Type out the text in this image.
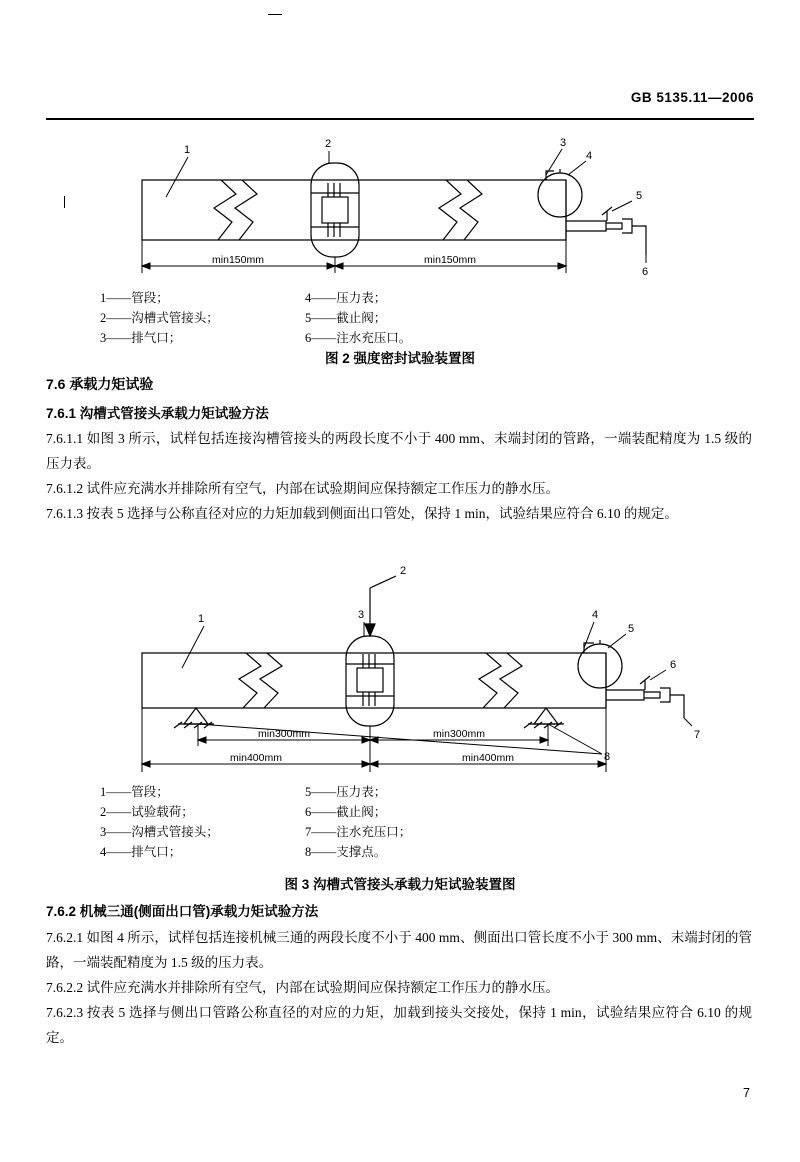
GB 5135.11—2006
1	2	3
4
5
6
min150mm	min150mm
1——管段；
2——沟槽式管接头；
3——排气口；
4——压力表；
5——截止阀；
6——注水充压口。
图 2 强度密封试验装置图
7.6 承载力矩试验
7.6.1 沟槽式管接头承载力矩试验方法
7.6.1.1 如图 3 所示，试样包括连接沟槽管接头的两段长度不小于 400 mm、末端封闭的管路，一端装配精度为 1.5 级的压力表。
7.6.1.2 试件应充满水并排除所有空气，内部在试验期间应保持额定工作压力的静水压。
7.6.1.3 按表 5 选择与公称直径对应的力矩加载到侧面出口管处，保持 1 min，试验结果应符合 6.10 的规定。
2
1	3	4
5
6
7
8
min300mm	min300mm
min400mm	min400mm
1——管段；
2——试验载荷；
3——沟槽式管接头；
4——排气口；
5——压力表；
6——截止阀；
7——注水充压口；
8——支撑点。
图 3 沟槽式管接头承载力矩试验装置图
7.6.2 机械三通(侧面出口管)承载力矩试验方法
7.6.2.1 如图 4 所示，试样包括连接机械三通的两段长度不小于 400 mm、侧面出口管长度不小于 300 mm、末端封闭的管路，一端装配精度为 1.5 级的压力表。
7.6.2.2 试件应充满水并排除所有空气，内部在试验期间应保持额定工作压力的静水压。
7.6.2.3 按表 5 选择与侧出口管路公称直径的对应的力矩，加载到接头交接处，保持 1 min，试验结果应符合 6.10 的规定。
7
